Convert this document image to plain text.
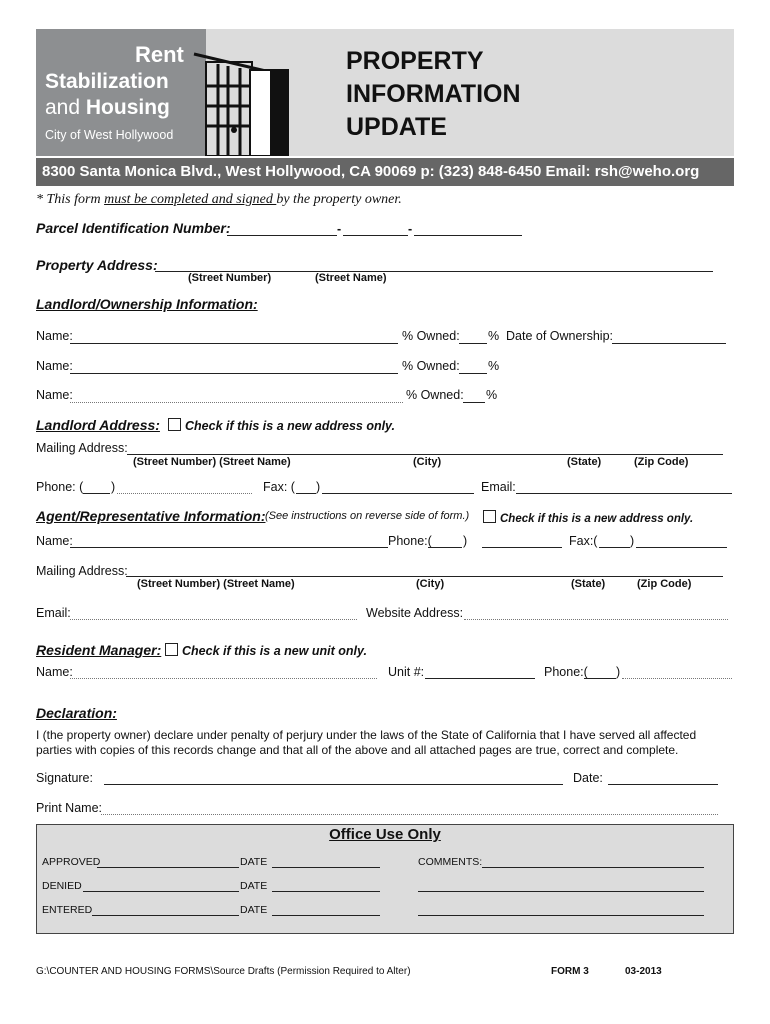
Rent
Stabilization
and Housing
City of West Hollywood
PROPERTY
INFORMATION
UPDATE
8300 Santa Monica Blvd., West Hollywood, CA 90069 p: (323) 848-6450 Email: rsh@weho.org
* This form must be completed and signed by the property owner.
Parcel Identification Number:	-	-
Property Address:
(Street Number)	(Street Name)
Landlord/Ownership Information:
Name:	% Owned: % Date of Ownership:
Name:	% Owned: %
Name:	% Owned: %
Landlord Address:	Check if this is a new address only.
Mailing Address:
(Street Number) (Street Name)	(City)	(State)	(Zip Code)
Phone: ( )	Fax: ( )	Email:
Agent/Representative Information: (See instructions on reverse side of form.)	Check if this is a new address only.
Name:	Phone:( )	Fax:(	)
Mailing Address:
(Street Number) (Street Name)	(City)	(State)	(Zip Code)
Email:	Website Address:
Resident Manager:	Check if this is a new unit only.
Name:	Unit #:	Phone:( )
Declaration:
I (the property owner) declare under penalty of perjury under the laws of the State of California that I have served all affected
parties with copies of this records change and that all of the above and all attached pages are true, correct and complete.
Signature:	Date:
Print Name:
Office Use Only
APPROVED	DATE	COMMENTS:
DENIED	DATE
ENTERED	DATE
G:\COUNTER AND HOUSING FORMS\Source Drafts (Permission Required to Alter)	FORM 3	03-2013
